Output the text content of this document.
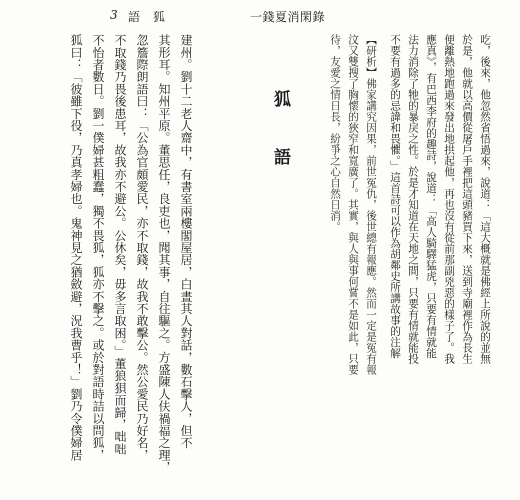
3 語　狐	一錢夏消閑錄
吃，後來，他忽然省悟過來，說道：「這大概就是佛經上所說的並無
於是，他就以高價從屠戶手裡把這頭豬買下來，送到寺廟裡作為長生
便離熱地跑過來發出地拱起他，再也沒有從前那副兇惡的樣子了。我
應真》，有巴西李府的趣詩，說道：「高人騎驛猛虎，只要有情就能
法力消除了牠的暴戾之性。於是才知道在天地之間，只要有情就能投
不要有過多的忌諱和畏懼。」這首詩可以作為胡鄰史所講故事的注解
【研析】佛家講究因果，前世冤仇，後世總有報應。然而一定是冤有報
汶又雙搜了胸懷的狹窄和寬廣了。其實，與人與事何嘗不是如此，只要
待，友愛之情日長，紛爭之心自然日消。
狐　語
建州。劉十二老人齋中，有書室兩樓閣屋居，白晝其人對話，數石擊人，但不
其形耳。知州平原。董思任，良吏也，聞其事，自往驅之。方盛陳人伕禍福之理，
忽簷際朗語曰：「公為官頗愛民，亦不取錢，故我不敢擊公。然公愛民乃好名，
不取錢乃畏後患耳，故我亦不避公。公休矣，毋多言取困。」董狼狽而歸，咄咄
不怡者數日。劉一僕婦甚粗蠢，獨不畏狐，狐亦不擊之。或於對語時詰以問狐，
狐曰：「彼雖下役，乃真孝婦也。鬼神見之猶斂避，況我曹乎！」劉乃令僕婦居
